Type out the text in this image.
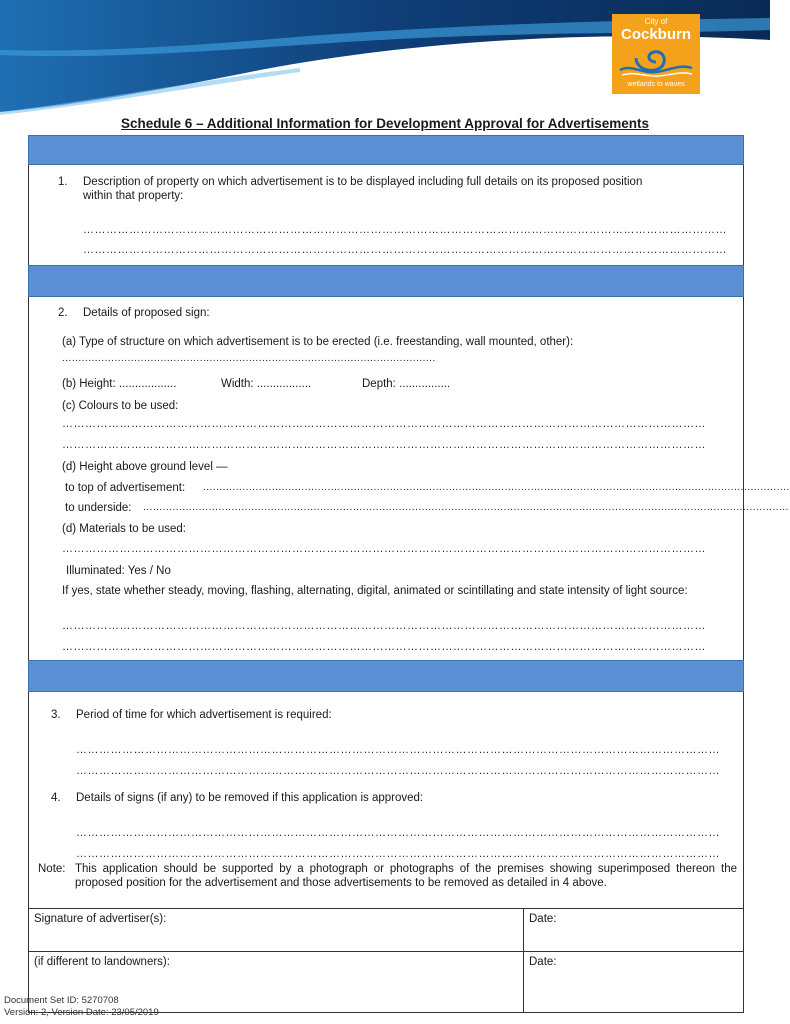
City of
Cockburn
wetlands to waves
Schedule 6 – Additional Information for Development Approval for Advertisements
1. Description of property on which advertisement is to be displayed including full details on its proposed position
within that property:
……………………………………………………………………………………………………………………………………………………
……………………………………………………………………………………………………………………………………………………
2. Details of proposed sign:
(a) Type of structure on which advertisement is to be erected (i.e. freestanding, wall mounted, other):
..................................................................................................................
(b) Height: ..................	Width: .................	Depth: ................
(c) Colours to be used:
……………………………………………………………………………………………………………………………………………………
……………………………………………………………………………………………………………………………………………………
(d) Height above ground level —
to top of advertisement: ...................................................................................................................................................................................
to underside: .....................................................................................................................................................................................................
(d) Materials to be used:
……………………………………………………………………………………………………………………………………………………
Illuminated: Yes / No
If yes, state whether steady, moving, flashing, alternating, digital, animated or scintillating and state intensity of light source:
……………………………………………………………………………………………………………………………………………………
……………………………………………………………………………………………………………………………………………………
3. Period of time for which advertisement is required:
……………………………………………………………………………………………………………………………………………………
……………………………………………………………………………………………………………………………………………………
4. Details of signs (if any) to be removed if this application is approved:
……………………………………………………………………………………………………………………………………………………
……………………………………………………………………………………………………………………………………………………
Note: This application should be supported by a photograph or photographs of the premises showing superimposed thereon the proposed position for the advertisement and those advertisements to be removed as detailed in 4 above.
Signature of advertiser(s):	Date:
(if different to landowners):	Date:
Document Set ID: 5270708
Version: 2, Version Date: 23/05/2019
